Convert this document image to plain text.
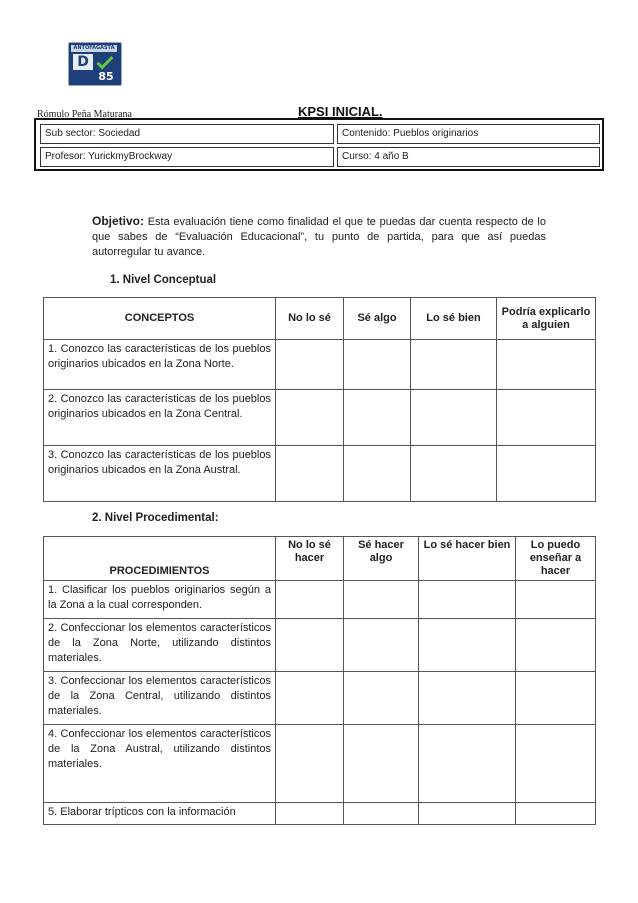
ANTOFAGASTA
D
85
Rómulo Peña Maturana	KPSI INICIAL.
Sub sector: Sociedad	Contenido: Pueblos originarios
Profesor: YurickmyBrockway	Curso: 4 año B
Objetivo: Esta evaluación tiene como finalidad el que te puedas dar cuenta respecto de lo que sabes de “Evaluación Educacional”, tu punto de partida, para que así puedas autorregular tu avance.
1. Nivel Conceptual
CONCEPTOS	No lo sé	Sé algo	Lo sé bien	Podría explicarlo a alguien
1. Conozco las características de los pueblos originarios ubicados en la Zona Norte.				
2. Conozco las características de los pueblos originarios ubicados en la Zona Central.				
3. Conozco las características de los pueblos originarios ubicados en la Zona Austral.				
2. Nivel Procedimental:
PROCEDIMIENTOS	No lo sé hacer	Sé hacer algo	Lo sé hacer bien	Lo puedo enseñar a hacer
1. Clasificar los pueblos originarios según a la Zona a la cual corresponden.				
2. Confeccionar los elementos característicos de la Zona Norte, utilizando distintos materiales.				
3. Confeccionar los elementos característicos de la Zona Central, utilizando distintos materiales.				
4. Confeccionar los elementos característicos de la Zona Austral, utilizando distintos materiales.				
5. Elaborar trípticos con la información				
